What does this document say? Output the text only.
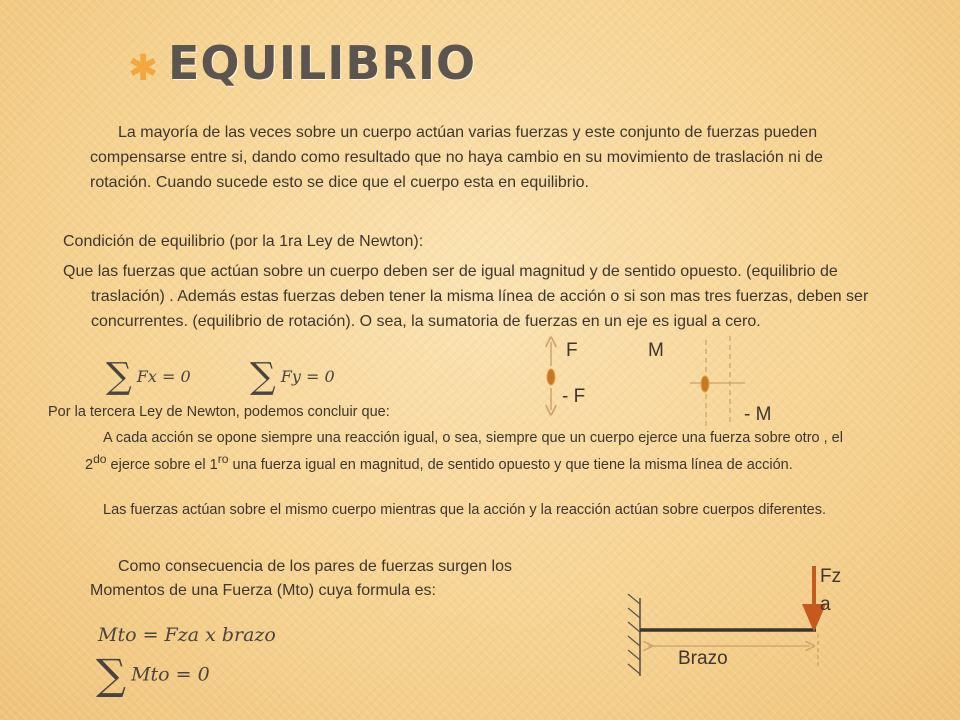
✱ EQUILIBRIO

La mayoría de las veces sobre un cuerpo actúan varias fuerzas y este conjunto de fuerzas pueden compensarse entre si, dando como resultado que no haya cambio en su movimiento de traslación ni de rotación. Cuando sucede esto se dice que el cuerpo esta en equilibrio.

Condición de equilibrio (por la 1ra Ley de Newton):

Que las fuerzas que actúan sobre un cuerpo deben ser de igual magnitud y de sentido opuesto. (equilibrio de traslación) . Además estas fuerzas deben tener la misma línea de acción o si son mas tres fuerzas, deben ser concurrentes. (equilibrio de rotación). O sea, la sumatoria de fuerzas en un eje es igual a cero.

∑ Fx = 0 ∑ Fy = 0

Por la tercera Ley de Newton, podemos concluir que:

A cada acción se opone siempre una reacción igual, o sea, siempre que un cuerpo ejerce una fuerza sobre otro , el $2^{do}$ ejerce sobre el $1^{ro}$ una fuerza igual en magnitud, de sentido opuesto y que tiene la misma línea de acción.

Las fuerzas actúan sobre el mismo cuerpo mientras que la acción y la reacción actúan sobre cuerpos diferentes.

Como consecuencia de los pares de fuerzas surgen los Momentos de una Fuerza (Mto) cuya formula es:

Mto = Fza x brazo
∑ Mto = 0
F
- F
M
- M
Fz
a
Brazo
